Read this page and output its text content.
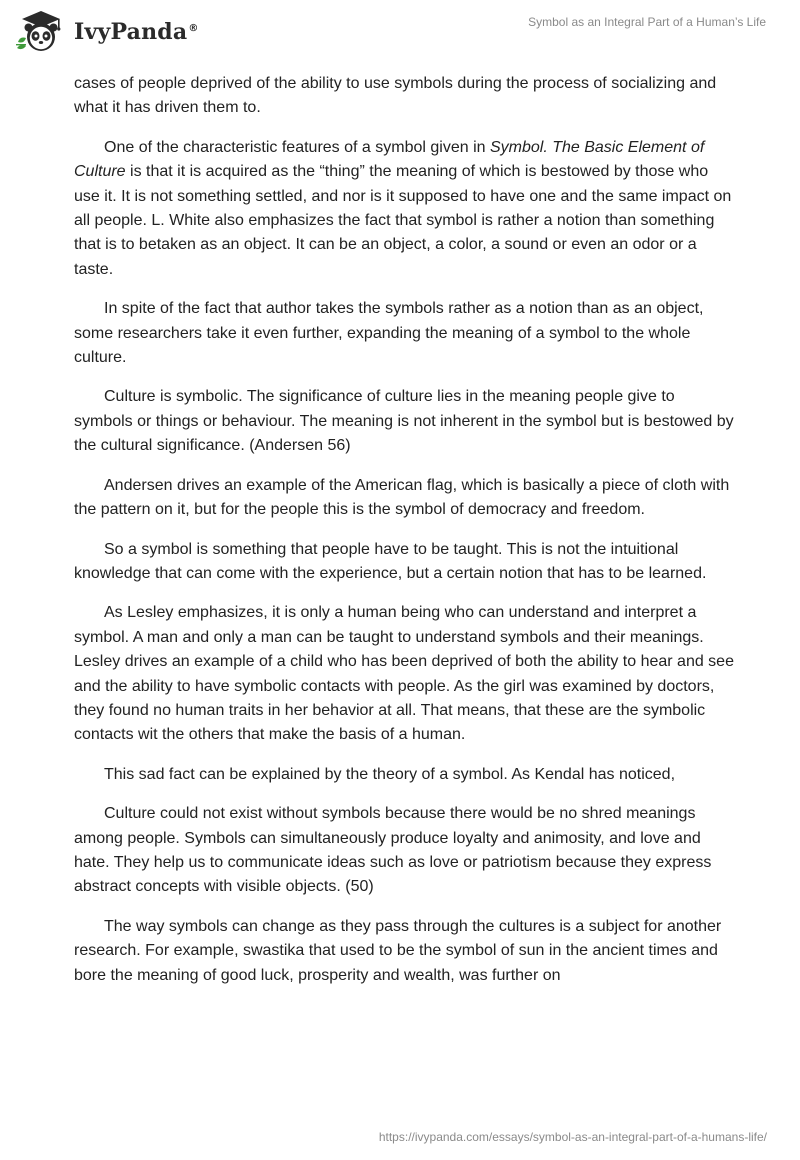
IvyPanda®	Symbol as an Integral Part of a Human’s Life

cases of people deprived of the ability to use symbols during the process of socializing and what it has driven them to.

One of the characteristic features of a symbol given in Symbol. The Basic Element of Culture is that it is acquired as the “thing” the meaning of which is bestowed by those who use it. It is not something settled, and nor is it supposed to have one and the same impact on all people. L. White also emphasizes the fact that symbol is rather a notion than something that is to betaken as an object. It can be an object, a color, a sound or even an odor or a taste.

In spite of the fact that author takes the symbols rather as a notion than as an object, some researchers take it even further, expanding the meaning of a symbol to the whole culture.

Culture is symbolic. The significance of culture lies in the meaning people give to symbols or things or behaviour. The meaning is not inherent in the symbol but is bestowed by the cultural significance. (Andersen 56)

Andersen drives an example of the American flag, which is basically a piece of cloth with the pattern on it, but for the people this is the symbol of democracy and freedom.

So a symbol is something that people have to be taught. This is not the intuitional knowledge that can come with the experience, but a certain notion that has to be learned.

As Lesley emphasizes, it is only a human being who can understand and interpret a symbol. A man and only a man can be taught to understand symbols and their meanings. Lesley drives an example of a child who has been deprived of both the ability to hear and see and the ability to have symbolic contacts with people. As the girl was examined by doctors, they found no human traits in her behavior at all. That means, that these are the symbolic contacts wit the others that make the basis of a human.

This sad fact can be explained by the theory of a symbol. As Kendal has noticed,

Culture could not exist without symbols because there would be no shred meanings among people. Symbols can simultaneously produce loyalty and animosity, and love and hate. They help us to communicate ideas such as love or patriotism because they express abstract concepts with visible objects. (50)

The way symbols can change as they pass through the cultures is a subject for another research. For example, swastika that used to be the symbol of sun in the ancient times and bore the meaning of good luck, prosperity and wealth, was further on

https://ivypanda.com/essays/symbol-as-an-integral-part-of-a-humans-life/
